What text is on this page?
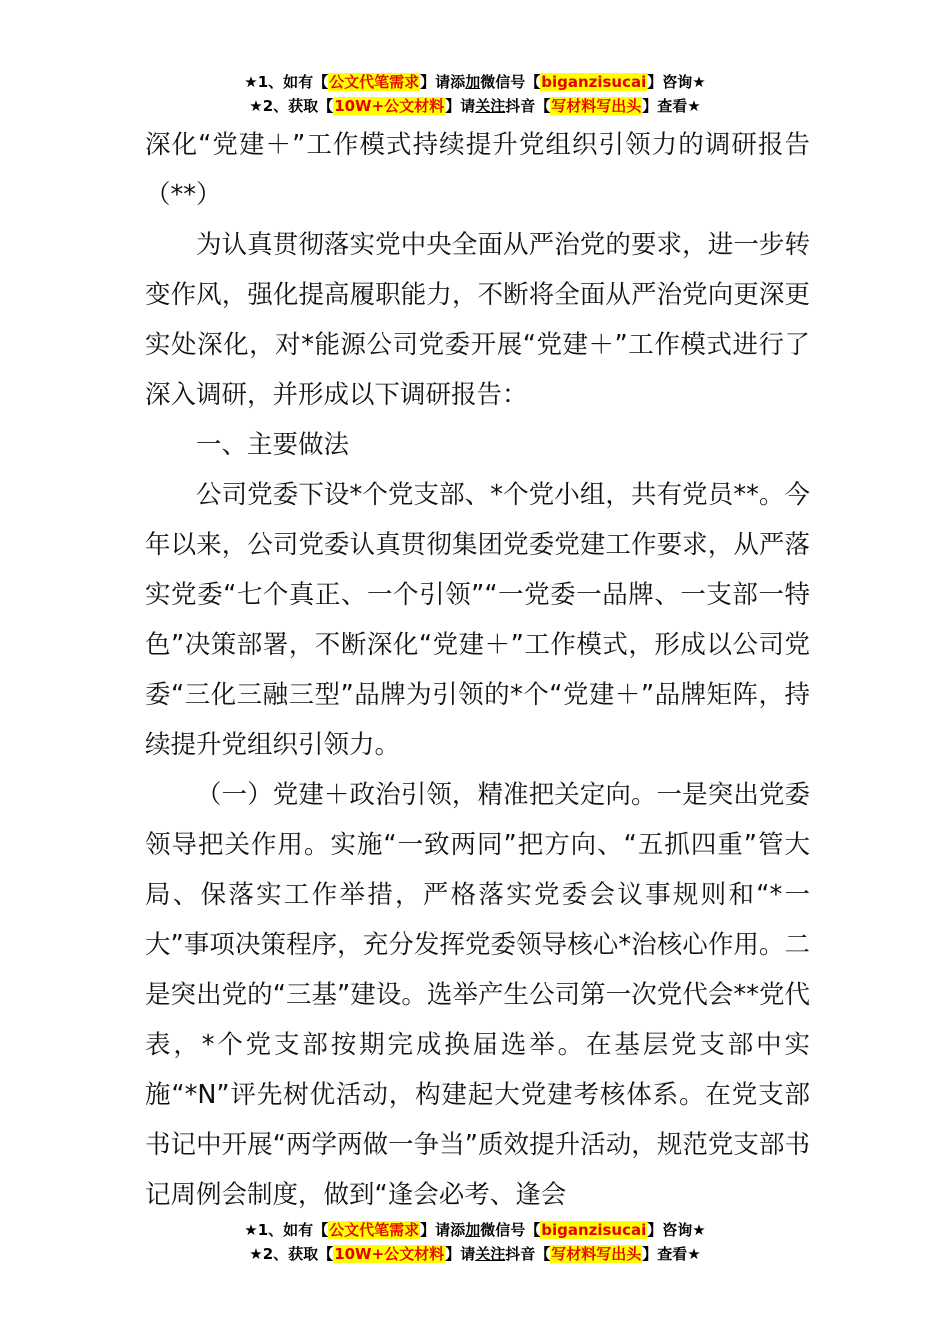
★1、如有【公文代笔需求】请添加微信号【biganzisucai】咨询★
★2、获取【10W+公文材料】请关注抖音【写材料写出头】查看★

深化“党建＋”工作模式持续提升党组织引领力的调研报告（**）

为认真贯彻落实党中央全面从严治党的要求，进一步转变作风，强化提高履职能力，不断将全面从严治党向更深更实处深化，对*能源公司党委开展“党建＋”工作模式进行了深入调研，并形成以下调研报告：

一、主要做法

公司党委下设*个党支部、*个党小组，共有党员**。今年以来，公司党委认真贯彻集团党委党建工作要求，从严落实党委“七个真正、一个引领”“一党委一品牌、一支部一特色”决策部署，不断深化“党建＋”工作模式，形成以公司党委“三化三融三型”品牌为引领的*个“党建＋”品牌矩阵，持续提升党组织引领力。

（一）党建＋政治引领，精准把关定向。一是突出党委领导把关作用。实施“一致两同”把方向、“五抓四重”管大局、保落实工作举措，严格落实党委会议事规则和“*一大”事项决策程序，充分发挥党委领导核心*治核心作用。二是突出党的“三基”建设。选举产生公司第一次党代会**党代表，*个党支部按期完成换届选举。在基层党支部中实施“*N”评先树优活动，构建起大党建考核体系。在党支部书记中开展“两学两做一争当”质效提升活动，规范党支部书记周例会制度，做到“逢会必考、逢会

★1、如有【公文代笔需求】请添加微信号【biganzisucai】咨询★
★2、获取【10W+公文材料】请关注抖音【写材料写出头】查看★
